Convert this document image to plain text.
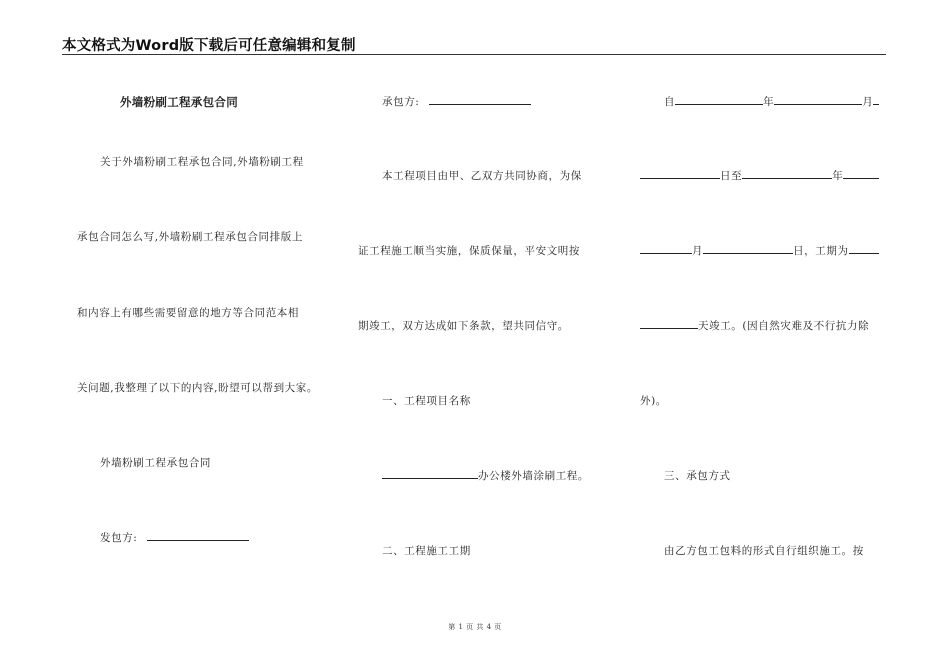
本文格式为Word版下载后可任意编辑和复制
外墙粉刷工程承包合同
关于外墙粉刷工程承包合同,外墙粉刷工程
承包合同怎么写,外墙粉刷工程承包合同排版上
和内容上有哪些需要留意的地方等合同范本相
关问题,我整理了以下的内容,盼望可以帮到大家。
外墙粉刷工程承包合同
发包方:
承包方:
本工程项目由甲、乙双方共同协商，为保
证工程施工顺当实施，保质保量，平安文明按
期竣工，双方达成如下条款，望共同信守。
一、工程项目名称
办公楼外墙涂刷工程。
二、工程施工工期
自	年	月
日至	年
月	日，工期为
天竣工。(因自然灾难及不行抗力除
外)。
三、承包方式
由乙方包工包料的形式自行组织施工。按
第 1 页 共 4 页
